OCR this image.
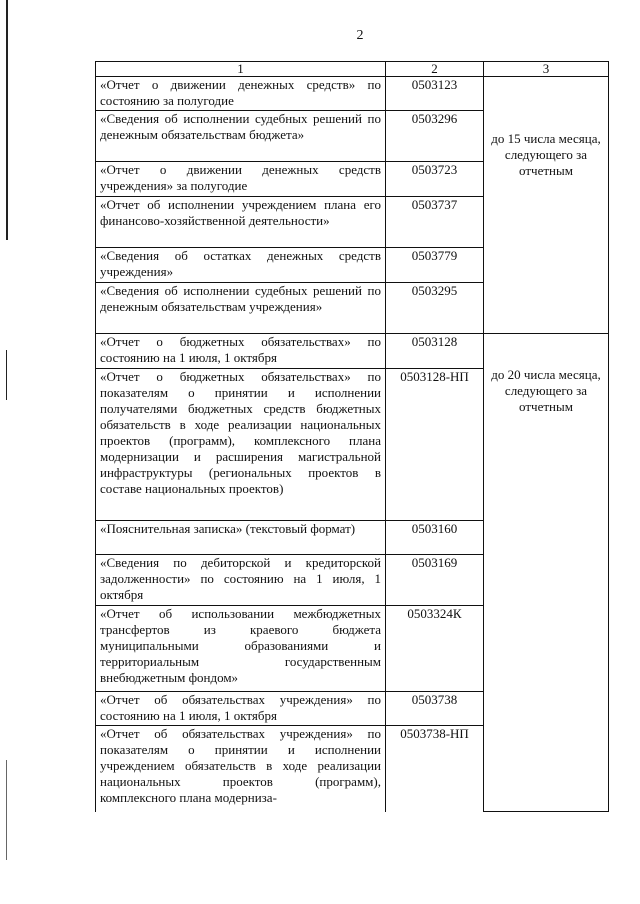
2
1	2	3
«Отчет о движении денежных средств» по состоянию за полугодие	0503123	до 15 числа месяца, следующего за отчетным

«Сведения об исполнении судебных решений по денежным обязательствам бюджета»	0503296	
«Отчет о движении денежных средств учреждения» за полугодие	0503723	
«Отчет об исполнении учреждением плана его финансово-хозяйственной деятельности»	0503737	
«Сведения об остатках денежных средств учреждения»	0503779	
«Сведения об исполнении судебных решений по денежным обязательствам учреждения»	0503295	
«Отчет о бюджетных обязательствах» по состоянию на 1 июля, 1 октября	0503128	до 20 числа месяца, следующего за отчетным

«Отчет о бюджетных обязательствах» по показателям о принятии и исполнении получателями бюджетных средств бюджетных обязательств в ходе реализации национальных проектов (программ), комплексного плана модернизации и расширения магистральной инфраструктуры (региональных проектов в составе национальных проектов)	0503128-НП	
«Пояснительная записка» (текстовый формат)	0503160	
«Сведения по дебиторской и кредиторской задолженности» по состоянию на 1 июля, 1 октября	0503169	
«Отчет об использовании межбюджетных трансфертов из краевого бюджета муниципальными образованиями и территориальным государственным внебюджетным фондом»	0503324К	
«Отчет об обязательствах учреждения» по состоянию на 1 июля, 1 октября	0503738	
«Отчет об обязательствах учреждения» по показателям о принятии и исполнении учреждением обязательств в ходе реализации национальных проектов (программ), комплексного плана модерниза-	0503738-НП	
